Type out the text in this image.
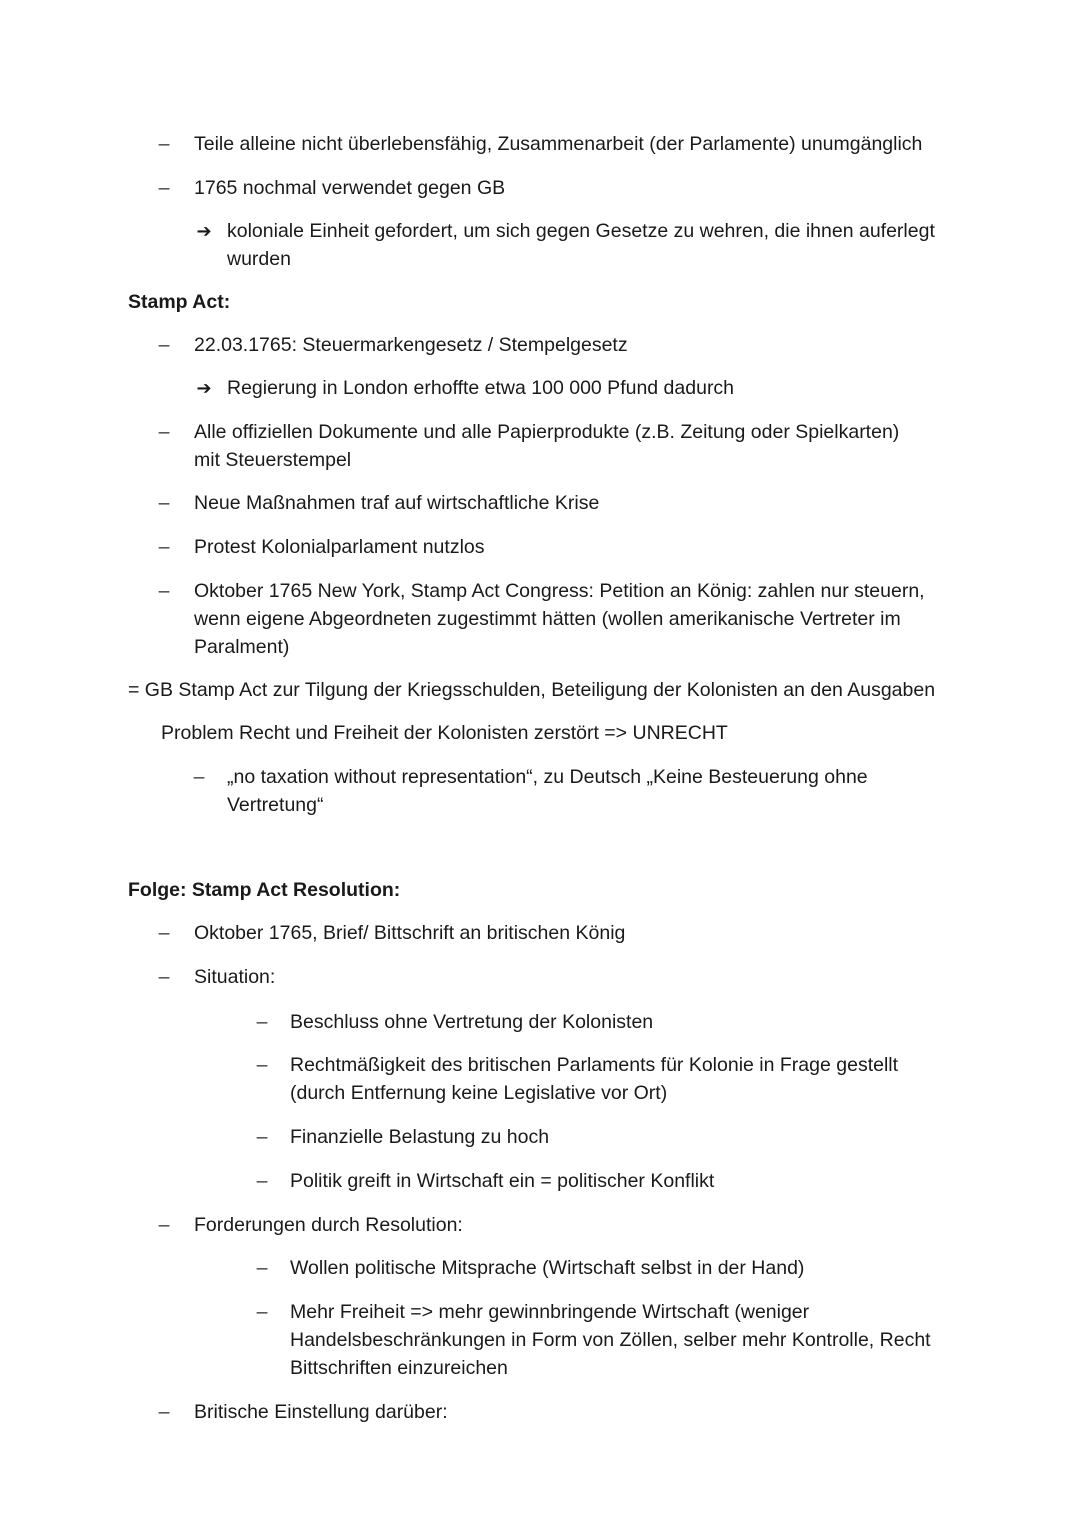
–	Teile alleine nicht überlebensfähig, Zusammenarbeit (der Parlamente) unumgänglich
–	1765 nochmal verwendet gegen GB
➔ koloniale Einheit gefordert, um sich gegen Gesetze zu wehren, die ihnen auferlegt
wurden
Stamp Act:
–	22.03.1765: Steuermarkengesetz / Stempelgesetz
➔ Regierung in London erhoffte etwa 100 000 Pfund dadurch
–	Alle offiziellen Dokumente und alle Papierprodukte (z.B. Zeitung oder Spielkarten)
mit Steuerstempel
–	Neue Maßnahmen traf auf wirtschaftliche Krise
–	Protest Kolonialparlament nutzlos
–	Oktober 1765 New York, Stamp Act Congress: Petition an König: zahlen nur steuern,
wenn eigene Abgeordneten zugestimmt hätten (wollen amerikanische Vertreter im
Paralment)
= GB Stamp Act zur Tilgung der Kriegsschulden, Beteiligung der Kolonisten an den Ausgaben
Problem Recht und Freiheit der Kolonisten zerstört => UNRECHT
–	„no taxation without representation“, zu Deutsch „Keine Besteuerung ohne
Vertretung“
Folge: Stamp Act Resolution:
–	Oktober 1765, Brief/ Bittschrift an britischen König
–	Situation:
–	Beschluss ohne Vertretung der Kolonisten
–	Rechtmäßigkeit des britischen Parlaments für Kolonie in Frage gestellt
(durch Entfernung keine Legislative vor Ort)
–	Finanzielle Belastung zu hoch
–	Politik greift in Wirtschaft ein = politischer Konflikt
–	Forderungen durch Resolution:
–	Wollen politische Mitsprache (Wirtschaft selbst in der Hand)
–	Mehr Freiheit => mehr gewinnbringende Wirtschaft (weniger
Handelsbeschränkungen in Form von Zöllen, selber mehr Kontrolle, Recht
Bittschriften einzureichen
–	Britische Einstellung darüber:
